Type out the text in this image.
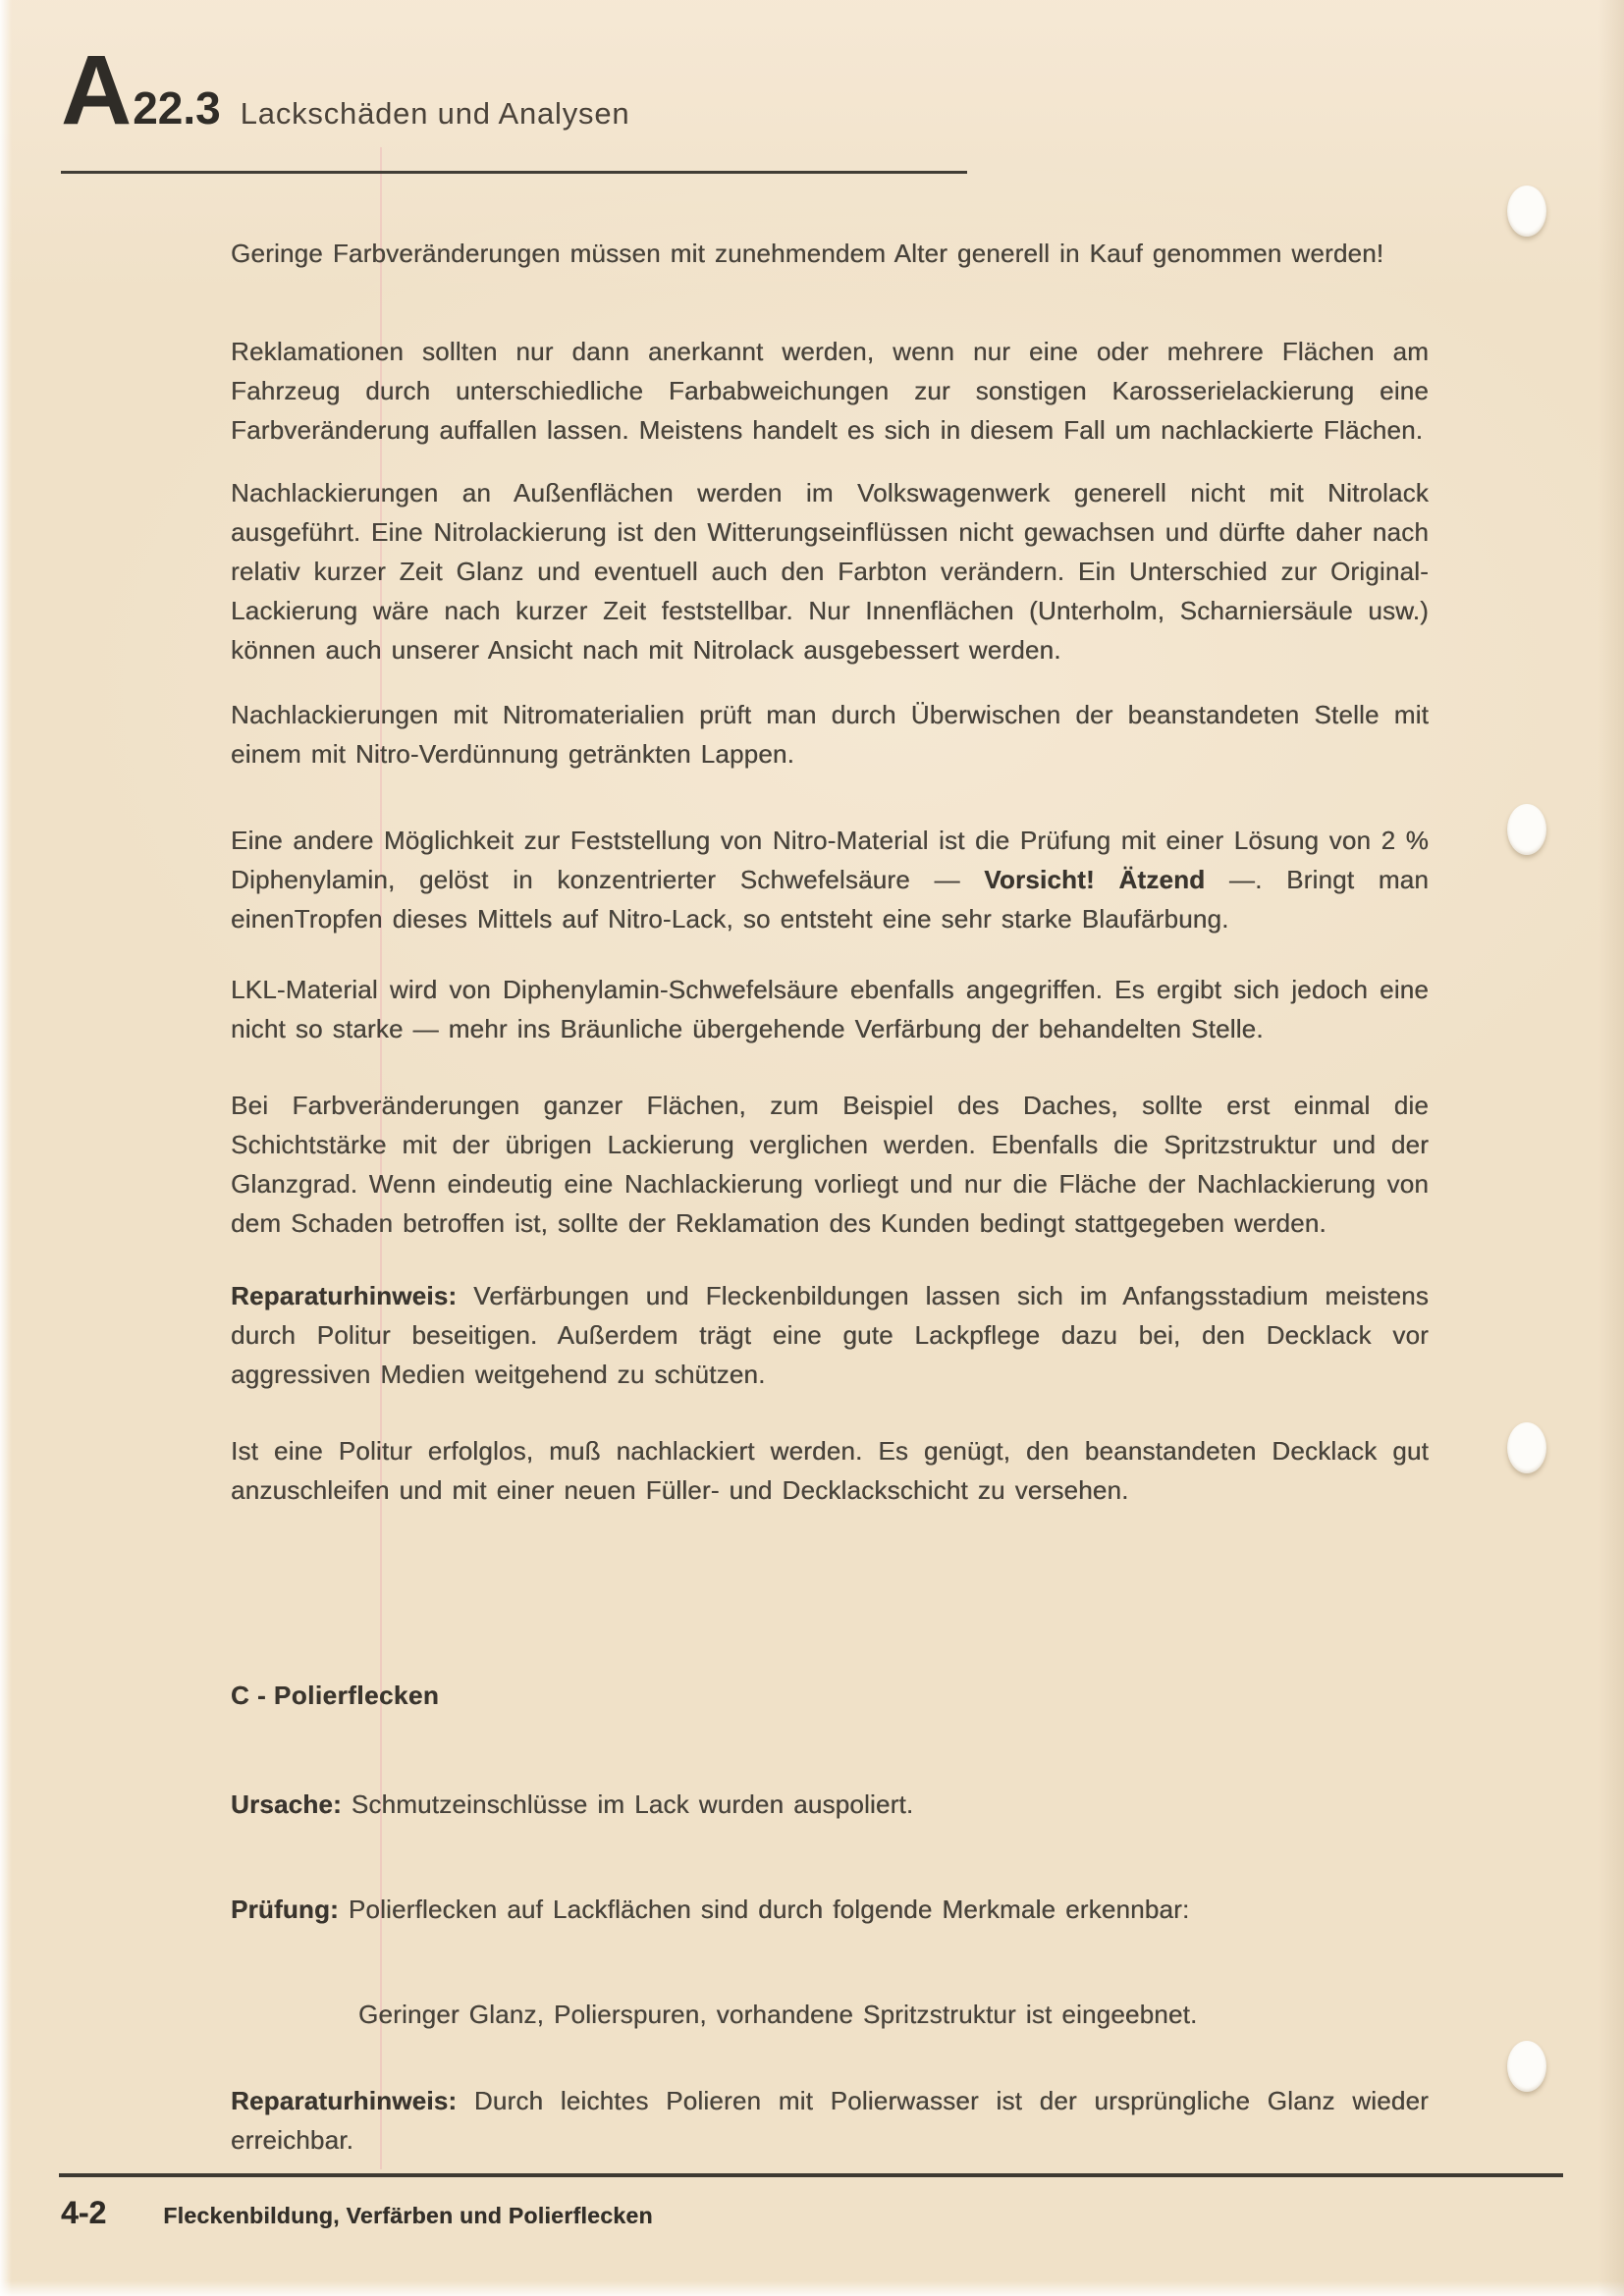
A 22.3 Lackschäden und Analysen

Geringe Farbveränderungen müssen mit zunehmendem Alter generell in Kauf genommen werden!

Reklamationen sollten nur dann anerkannt werden, wenn nur eine oder mehrere Flächen am Fahrzeug durch unterschiedliche Farbabweichungen zur sonstigen Karosserielackierung eine Farbveränderung auffallen lassen. Meistens handelt es sich in diesem Fall um nachlackierte Flächen.

Nachlackierungen an Außenflächen werden im Volkswagenwerk generell nicht mit Nitrolack ausgeführt. Eine Nitrolackierung ist den Witterungseinflüssen nicht gewachsen und dürfte daher nach relativ kurzer Zeit Glanz und eventuell auch den Farbton verändern. Ein Unterschied zur Original-Lackierung wäre nach kurzer Zeit feststellbar. Nur Innenflächen (Unterholm, Scharniersäule usw.) können auch unserer Ansicht nach mit Nitrolack ausgebessert werden.

Nachlackierungen mit Nitromaterialien prüft man durch Überwischen der beanstandeten Stelle mit einem mit Nitro-Verdünnung getränkten Lappen.

Eine andere Möglichkeit zur Feststellung von Nitro-Material ist die Prüfung mit einer Lösung von 2 % Diphenylamin, gelöst in konzentrierter Schwefelsäure — Vorsicht! Ätzend —. Bringt man einenTropfen dieses Mittels auf Nitro-Lack, so entsteht eine sehr starke Blaufärbung.

LKL-Material wird von Diphenylamin-Schwefelsäure ebenfalls angegriffen. Es ergibt sich jedoch eine nicht so starke — mehr ins Bräunliche übergehende Verfärbung der behandelten Stelle.

Bei Farbveränderungen ganzer Flächen, zum Beispiel des Daches, sollte erst einmal die Schichtstärke mit der übrigen Lackierung verglichen werden. Ebenfalls die Spritzstruktur und der Glanzgrad. Wenn eindeutig eine Nachlackierung vorliegt und nur die Fläche der Nachlackierung von dem Schaden betroffen ist, sollte der Reklamation des Kunden bedingt stattgegeben werden.

Reparaturhinweis: Verfärbungen und Fleckenbildungen lassen sich im Anfangsstadium meistens durch Politur beseitigen. Außerdem trägt eine gute Lackpflege dazu bei, den Decklack vor aggressiven Medien weitgehend zu schützen.

Ist eine Politur erfolglos, muß nachlackiert werden. Es genügt, den beanstandeten Decklack gut anzuschleifen und mit einer neuen Füller- und Decklackschicht zu versehen.

C - Polierflecken

Ursache: Schmutzeinschlüsse im Lack wurden auspoliert.

Prüfung: Polierflecken auf Lackflächen sind durch folgende Merkmale erkennbar:

Geringer Glanz, Polierspuren, vorhandene Spritzstruktur ist eingeebnet.

Reparaturhinweis: Durch leichtes Polieren mit Polierwasser ist der ursprüngliche Glanz wieder erreichbar.

4-2	Fleckenbildung, Verfärben und Polierflecken
